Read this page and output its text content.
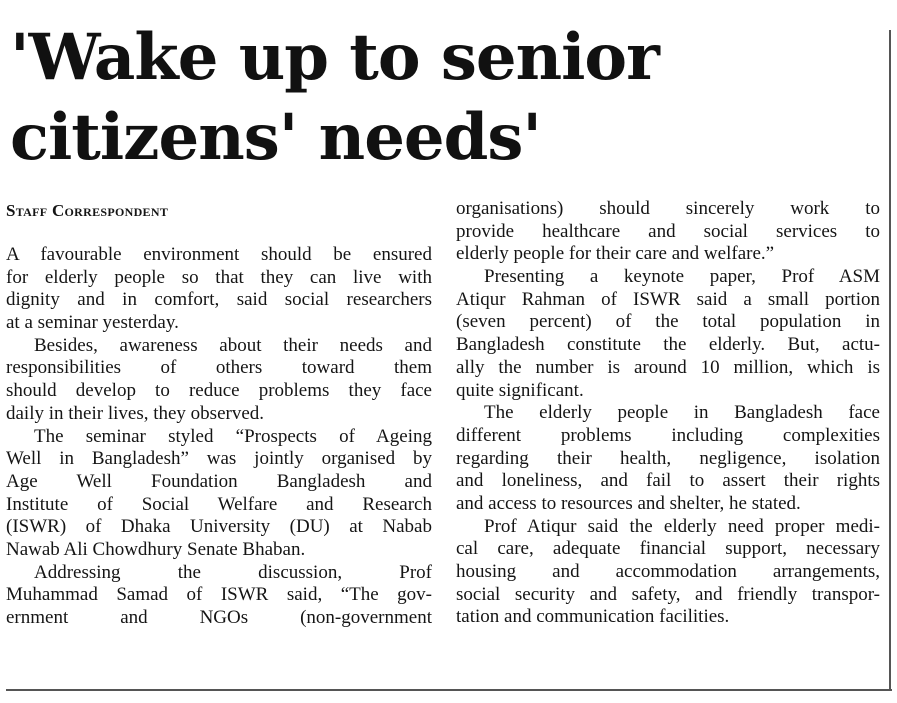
'Wake up to senior
citizens' needs'
Staff Correspondent
A favourable environment should be ensured
for elderly people so that they can live with
dignity and in comfort, said social researchers
at a seminar yesterday.
Besides, awareness about their needs and
responsibilities of others toward them
should develop to reduce problems they face
daily in their lives, they observed.
The seminar styled “Prospects of Ageing
Well in Bangladesh” was jointly organised by
Age Well Foundation Bangladesh and
Institute of Social Welfare and Research
(ISWR) of Dhaka University (DU) at Nabab
Nawab Ali Chowdhury Senate Bhaban.
Addressing the discussion, Prof
Muhammad Samad of ISWR said, “The gov-
ernment and NGOs (non-government
organisations) should sincerely work to
provide healthcare and social services to
elderly people for their care and welfare.”
Presenting a keynote paper, Prof ASM
Atiqur Rahman of ISWR said a small portion
(seven percent) of the total population in
Bangladesh constitute the elderly. But, actu-
ally the number is around 10 million, which is
quite significant.
The elderly people in Bangladesh face
different problems including complexities
regarding their health, negligence, isolation
and loneliness, and fail to assert their rights
and access to resources and shelter, he stated.
Prof Atiqur said the elderly need proper medi-
cal care, adequate financial support, necessary
housing and accommodation arrangements,
social security and safety, and friendly transpor-
tation and communication facilities.
